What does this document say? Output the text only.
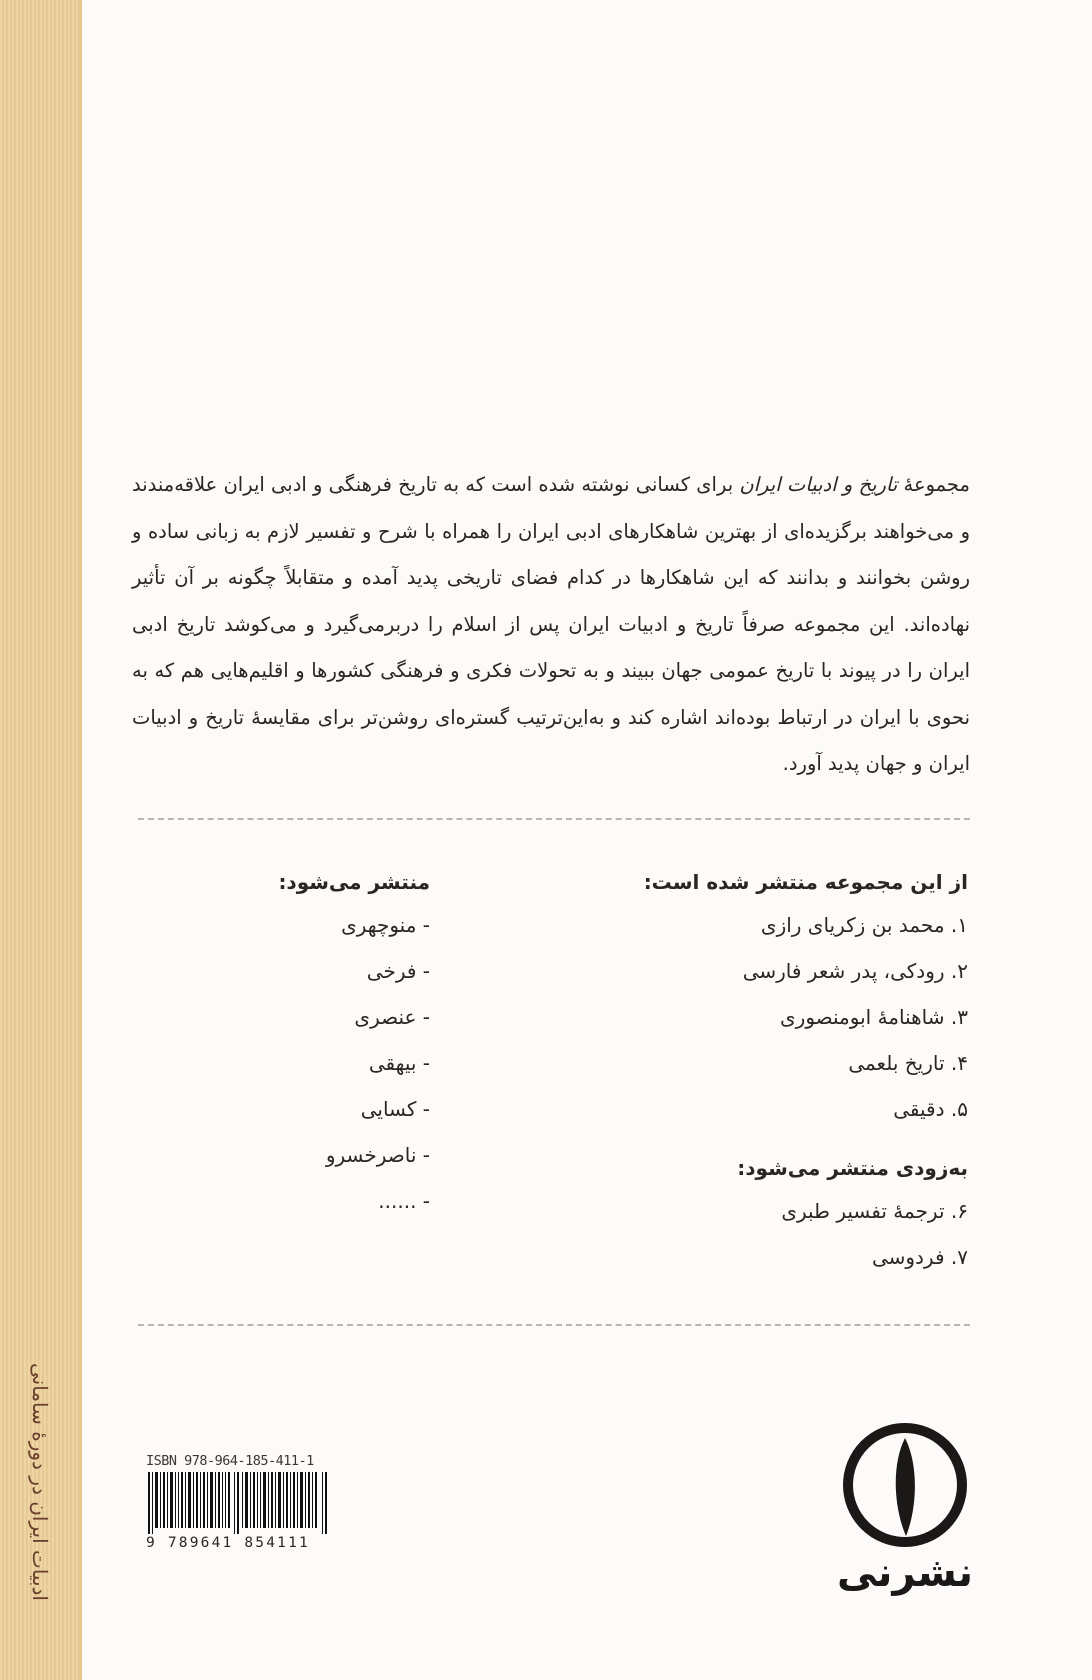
ادبیات ایران در دورهٔ سامانی

مجموعهٔ تاریخ و ادبیات ایران برای کسانی نوشته شده است که به تاریخ فرهنگی و ادبی ایران علاقه‌مندند و می‌خواهند برگزیده‌ای از بهترین شاهکارهای ادبی ایران را همراه با شرح و تفسیر لازم به زبانی ساده و روشن بخوانند و بدانند که این شاهکارها در کدام فضای تاریخی پدید آمده و متقابلاً چگونه بر آن تأثیر نهاده‌اند. این مجموعه صرفاً تاریخ و ادبیات ایران پس از اسلام را دربرمی‌گیرد و می‌کوشد تاریخ ادبی ایران را در پیوند با تاریخ عمومی جهان ببیند و به تحولات فکری و فرهنگی کشورها و اقلیم‌هایی هم که به نحوی با ایران در ارتباط بوده‌اند اشاره کند و به‌این‌ترتیب گستره‌ای روشن‌تر برای مقایسهٔ تاریخ و ادبیات ایران و جهان پدید آورد.

از این مجموعه منتشر شده است:
۱. محمد بن زکریای رازی
۲. رودکی، پدر شعر فارسی
۳. شاهنامهٔ ابومنصوری
۴. تاریخ بلعمی
۵. دقیقی
به‌زودی منتشر می‌شود:
۶. ترجمهٔ تفسیر طبری
۷. فردوسی
منتشر می‌شود:
- منوچهری
- فرخی
- عنصری
- بیهقی
- کسایی
- ناصرخسرو
- ......
ISBN 978-964-185-411-1
9 789641 854111
نشرنی
